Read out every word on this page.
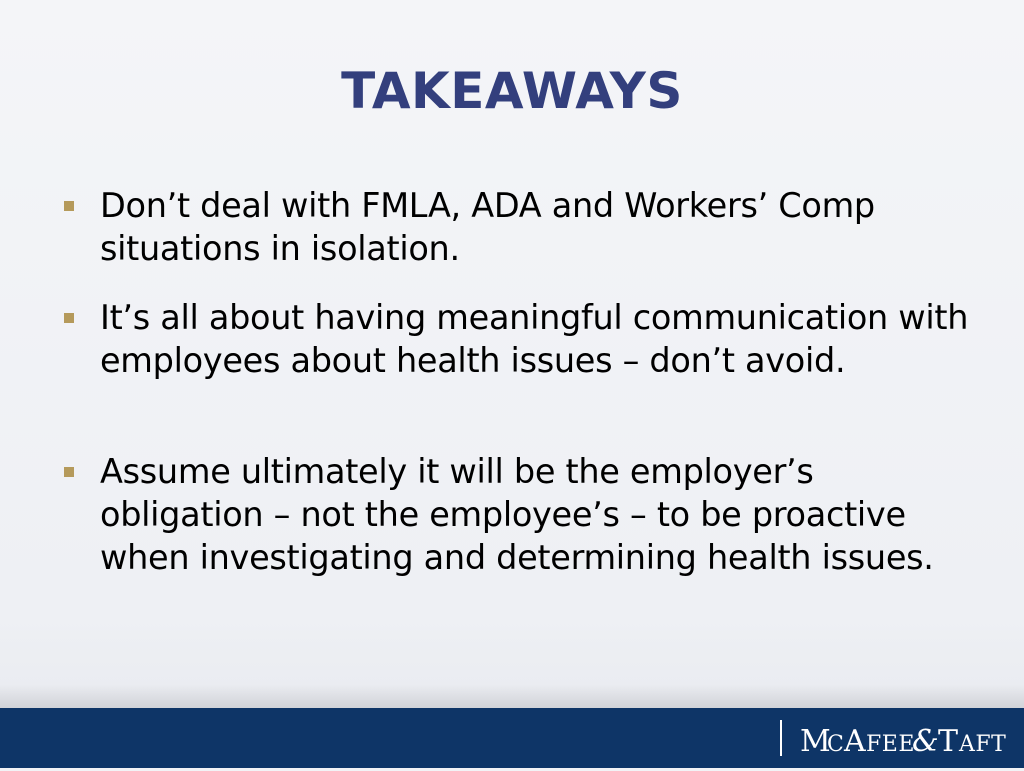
TAKEAWAYS
Don’t deal with FMLA, ADA and Workers’ Comp situations in isolation.
It’s all about having meaningful communication with employees about health issues – don’t avoid.
Assume ultimately it will be the employer’s obligation – not the employee’s – to be proactive when investigating and determining health issues.
M
C A FEE
&
T AFT
